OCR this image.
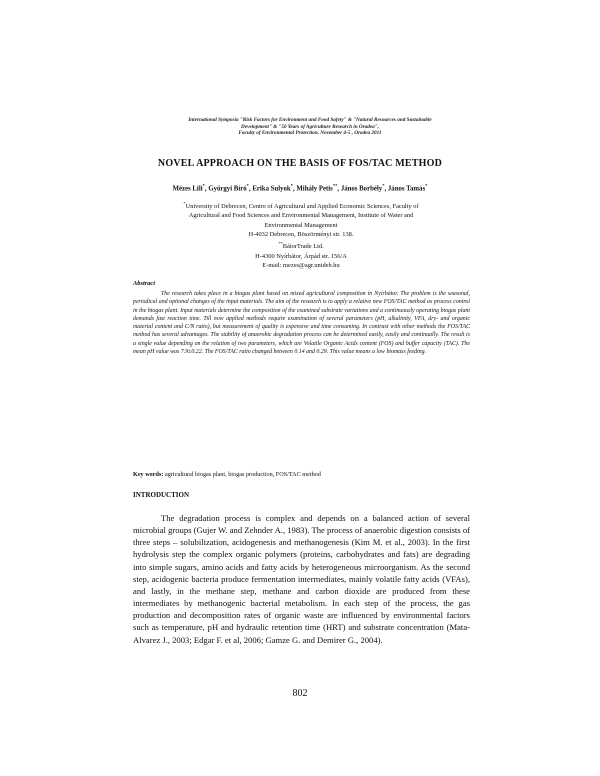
International Symposia "Risk Factors for Environment and Food Safety" & "Natural Resources and Sustainable
Development" & "50 Years of Agriculture Research in Oradea",
Faculty of Environmental Protection, November 4-5 , Oradea 2011
NOVEL APPROACH ON THE BASIS OF FOS/TAC METHOD
Mézes Lili*, Györgyi Bíró*, Erika Sulyok*, Mihály Petis**, János Borbély*, János Tamás*
*University of Debrecen, Centre of Agricultural and Applied Economic Sciences, Faculty of
Agricultural and Food Sciences and Environmental Management, Institute of Water and
Environmental Management
H-4032 Debrecen, Böszörményi str. 138.
**BátorTrade Ltd.
H-4300 Nyírbátor, Árpád str. 156/A
E-mail: mezes@agr.unideb.hu
Abstract

The research takes place in a biogas plant based on mixed agricultural composition in Nyírbátor. The problem is the seasonal, periodical and optional changes of the input materials. The aim of the research is to apply a relative new FOS/TAC method as process control in the biogas plant. Input materials determine the composition of the examined substrate variations and a continuously operating biogas plant demands fast reaction time. Till now applied methods require examination of several parameters (pH, alkalinity, VFA, dry- and organic material content and C/N ratio), but measurement of quality is expensive and time consuming. In contrast with other methods the FOS/TAC method has several advantages. The stability of anaerobic degradation process can be determined easily, easily and continually. The result is a single value depending on the relation of two parameters, which are Volatile Organic Acids content (FOS) and buffer capacity (TAC). The mean pH value was 7.9±0.22. The FOS/TAC ratio changed between 0.14 and 0.29. This value means a low biomass feeding.

Key words: agricultural biogas plant, biogas production, FOS/TAC method
INTRODUCTION

The degradation process is complex and depends on a balanced action of several microbial groups (Gujer W. and Zehnder A., 1983). The process of anaerobic digestion consists of three steps – solubilization, acidogenesis and methanogenesis (Kim M. et al., 2003). In the first hydrolysis step the complex organic polymers (proteins, carbohydrates and fats) are degrading into simple sugars, amino acids and fatty acids by heterogeneous microorganism. As the second step, acidogenic bacteria produce fermentation intermediates, mainly volatile fatty acids (VFAs), and lastly, in the methane step, methane and carbon dioxide are produced from these intermediates by methanogenic bacterial metabolism. In each step of the process, the gas production and decomposition rates of organic waste are influenced by environmental factors such as temperature, pH and hydraulic retention time (HRT) and substrate concentration (Mata-Alvarez J., 2003; Edgar F. et al, 2006; Gamze G. and Demirer G., 2004).

802
